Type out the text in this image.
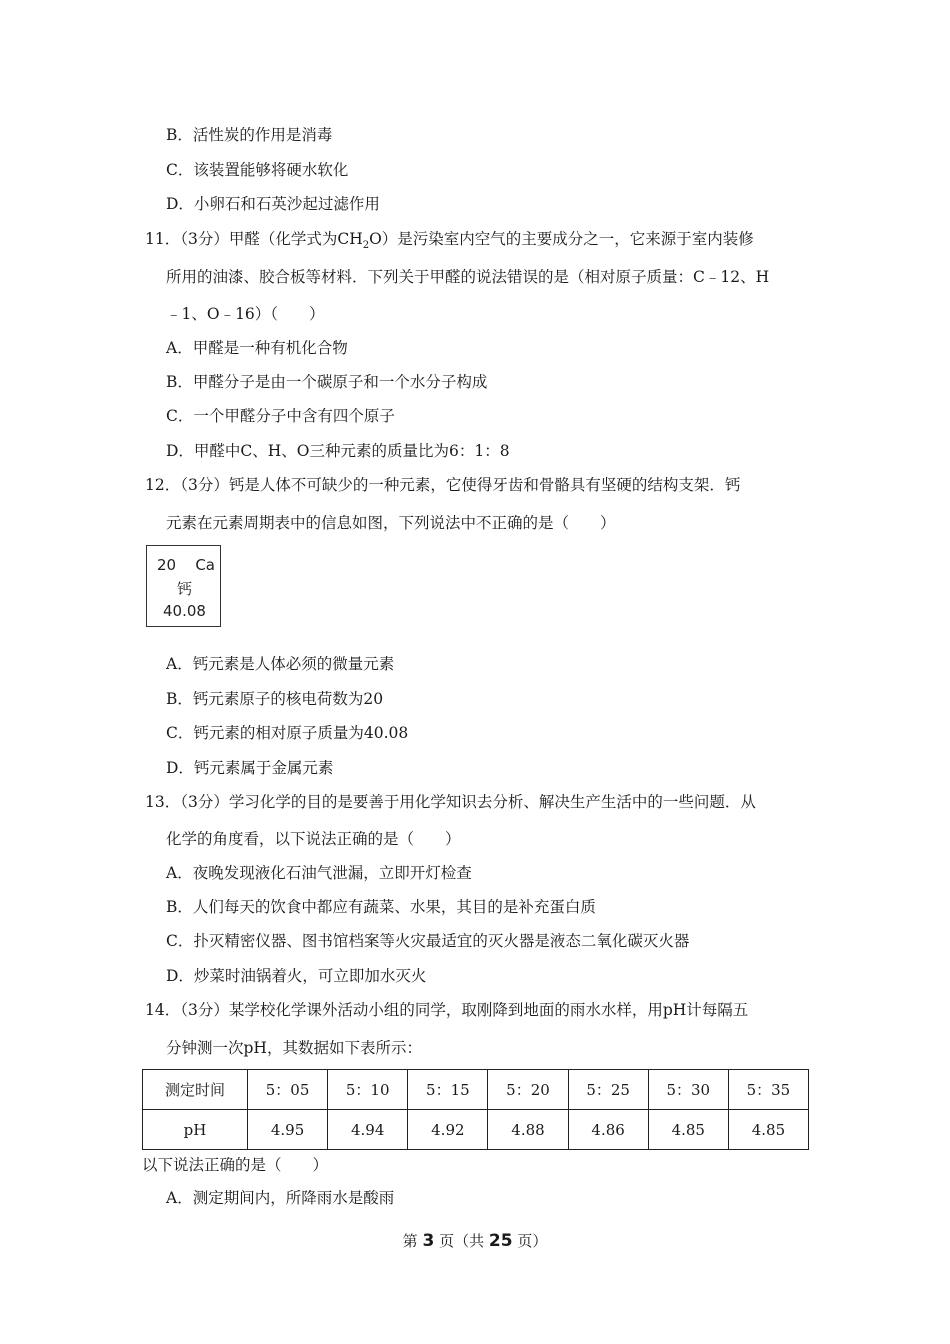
B．活性炭的作用是消毒
C．该装置能够将硬水软化
D．小卵石和石英沙起过滤作用
11．（3分）甲醛（化学式为$CH_2O$）是污染室内空气的主要成分之一，它来源于室内装修
所用的油漆、胶合板等材料．下列关于甲醛的说法错误的是（相对原子质量：C﹣12、H
﹣1、O﹣16）（　　）
A．甲醛是一种有机化合物
B．甲醛分子是由一个碳原子和一个水分子构成
C．一个甲醛分子中含有四个原子
D．甲醛中C、H、O三种元素的质量比为6：1：8
12．（3分）钙是人体不可缺少的一种元素，它使得牙齿和骨骼具有坚硬的结构支架．钙
元素在元素周期表中的信息如图，下列说法中不正确的是（　　）
20 Ca
钙
40.08
A．钙元素是人体必须的微量元素
B．钙元素原子的核电荷数为20
C．钙元素的相对原子质量为40.08
D．钙元素属于金属元素
13．（3分）学习化学的目的是要善于用化学知识去分析、解决生产生活中的一些问题．从
化学的角度看，以下说法正确的是（　　）
A．夜晚发现液化石油气泄漏，立即开灯检查
B．人们每天的饮食中都应有蔬菜、水果，其目的是补充蛋白质
C．扑灭精密仪器、图书馆档案等火灾最适宜的灭火器是液态二氧化碳灭火器
D．炒菜时油锅着火，可立即加水灭火
14．（3分）某学校化学课外活动小组的同学，取刚降到地面的雨水水样，用pH计每隔五
分钟测一次pH，其数据如下表所示：
测定时间	5：05	5：10	5：15	5：20	5：25	5：30	5：35
pH	4.95	4.94	4.92	4.88	4.86	4.85	4.85
以下说法正确的是（　　）
A．测定期间内，所降雨水是酸雨
第 3 页（共 25 页）
